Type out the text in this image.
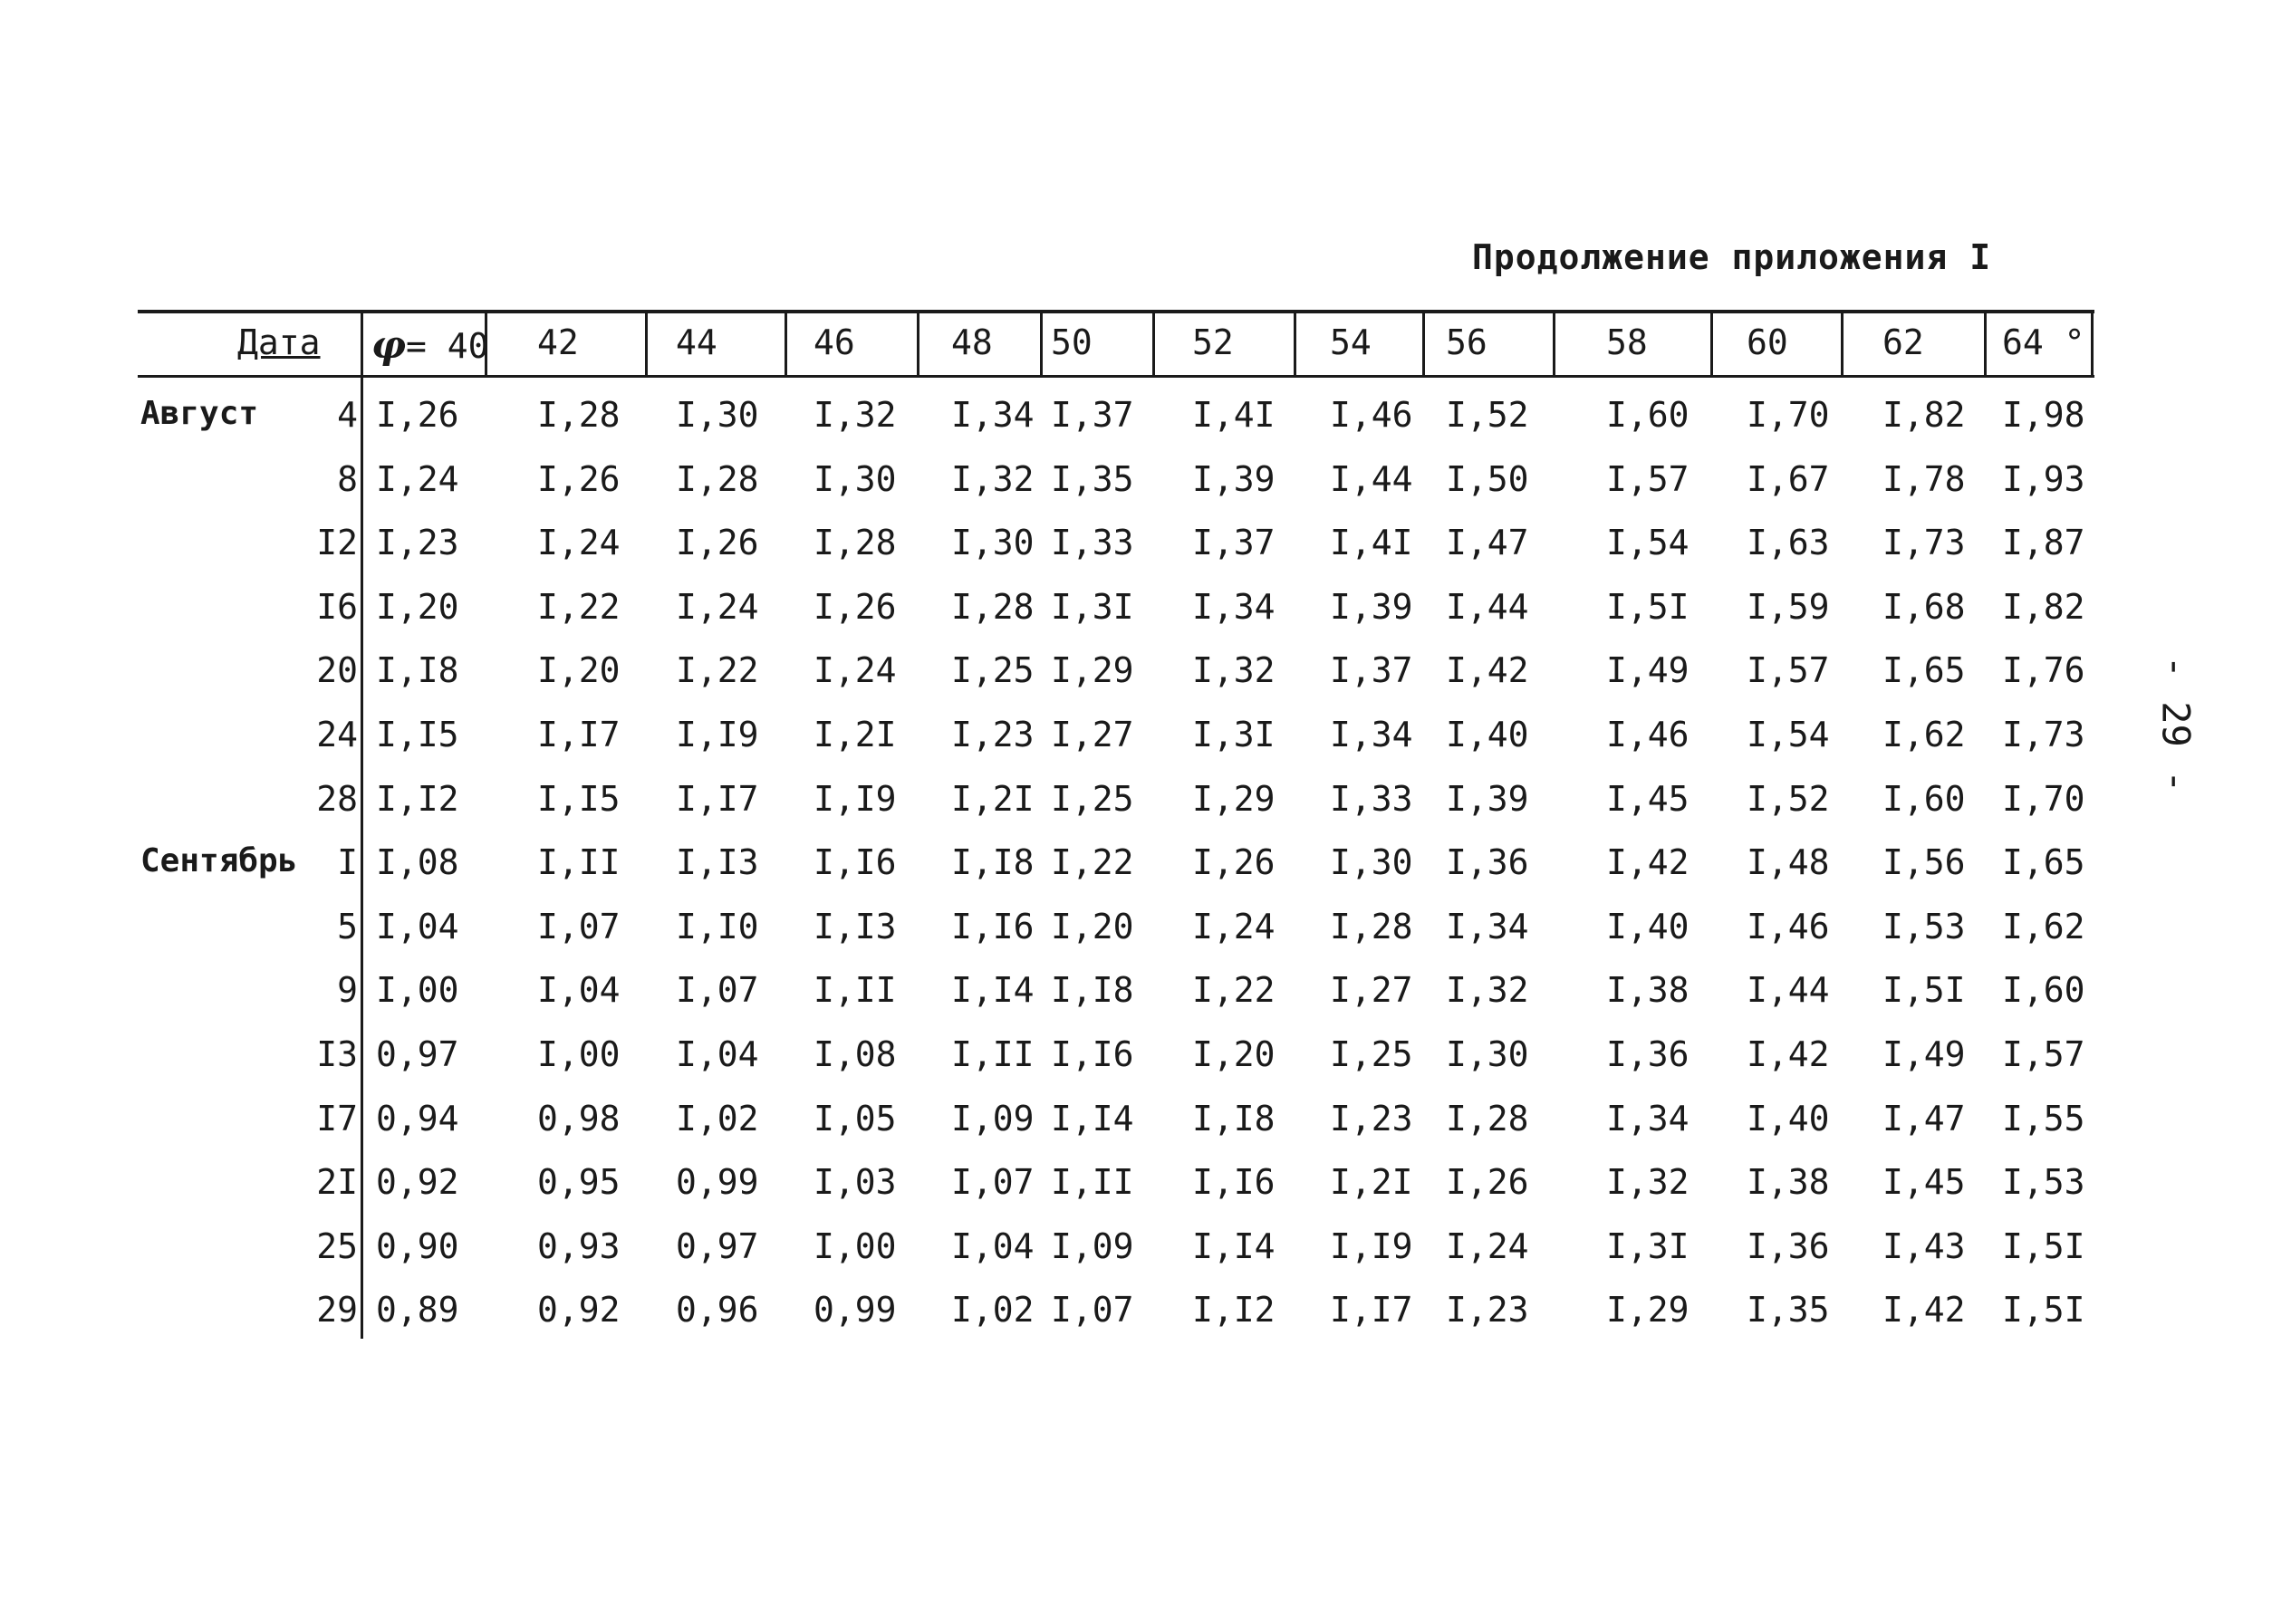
Продолжение приложения I
- 29 -
Дата φ= 40 42	44	46	48 50	52	54 56	58	60	62 64 °
Август	4 I,26 I,28 I,30 I,32 I,34 I,37 I,4I I,46 I,52 I,60 I,70 I,82 I,98
8 I,24 I,26 I,28 I,30 I,32 I,35 I,39 I,44 I,50 I,57 I,67 I,78 I,93
I2 I,23 I,24 I,26 I,28 I,30 I,33 I,37 I,4I I,47 I,54 I,63 I,73 I,87
I6 I,20 I,22 I,24 I,26 I,28 I,3I I,34 I,39 I,44 I,5I I,59 I,68 I,82
20 I,I8 I,20 I,22 I,24 I,25 I,29 I,32 I,37 I,42 I,49 I,57 I,65 I,76
24 I,I5 I,I7 I,I9 I,2I I,23 I,27 I,3I I,34 I,40 I,46 I,54 I,62 I,73
28 I,I2 I,I5 I,I7 I,I9 I,2I I,25 I,29 I,33 I,39 I,45 I,52 I,60 I,70
Сентябрь	I I,08 I,II I,I3 I,I6 I,I8 I,22 I,26 I,30 I,36 I,42 I,48 I,56 I,65
5 I,04 I,07 I,I0 I,I3 I,I6 I,20 I,24 I,28 I,34 I,40 I,46 I,53 I,62
9 I,00 I,04 I,07 I,II I,I4 I,I8 I,22 I,27 I,32 I,38 I,44 I,5I I,60
I3 0,97 I,00 I,04 I,08 I,II I,I6 I,20 I,25 I,30 I,36 I,42 I,49 I,57
I7 0,94 0,98 I,02 I,05 I,09 I,I4 I,I8 I,23 I,28 I,34 I,40 I,47 I,55
2I 0,92 0,95 0,99 I,03 I,07 I,II I,I6 I,2I I,26 I,32 I,38 I,45 I,53
25 0,90 0,93 0,97 I,00 I,04 I,09 I,I4 I,I9 I,24 I,3I I,36 I,43 I,5I
29 0,89 0,92 0,96 0,99 I,02 I,07 I,I2 I,I7 I,23 I,29 I,35 I,42 I,5I
